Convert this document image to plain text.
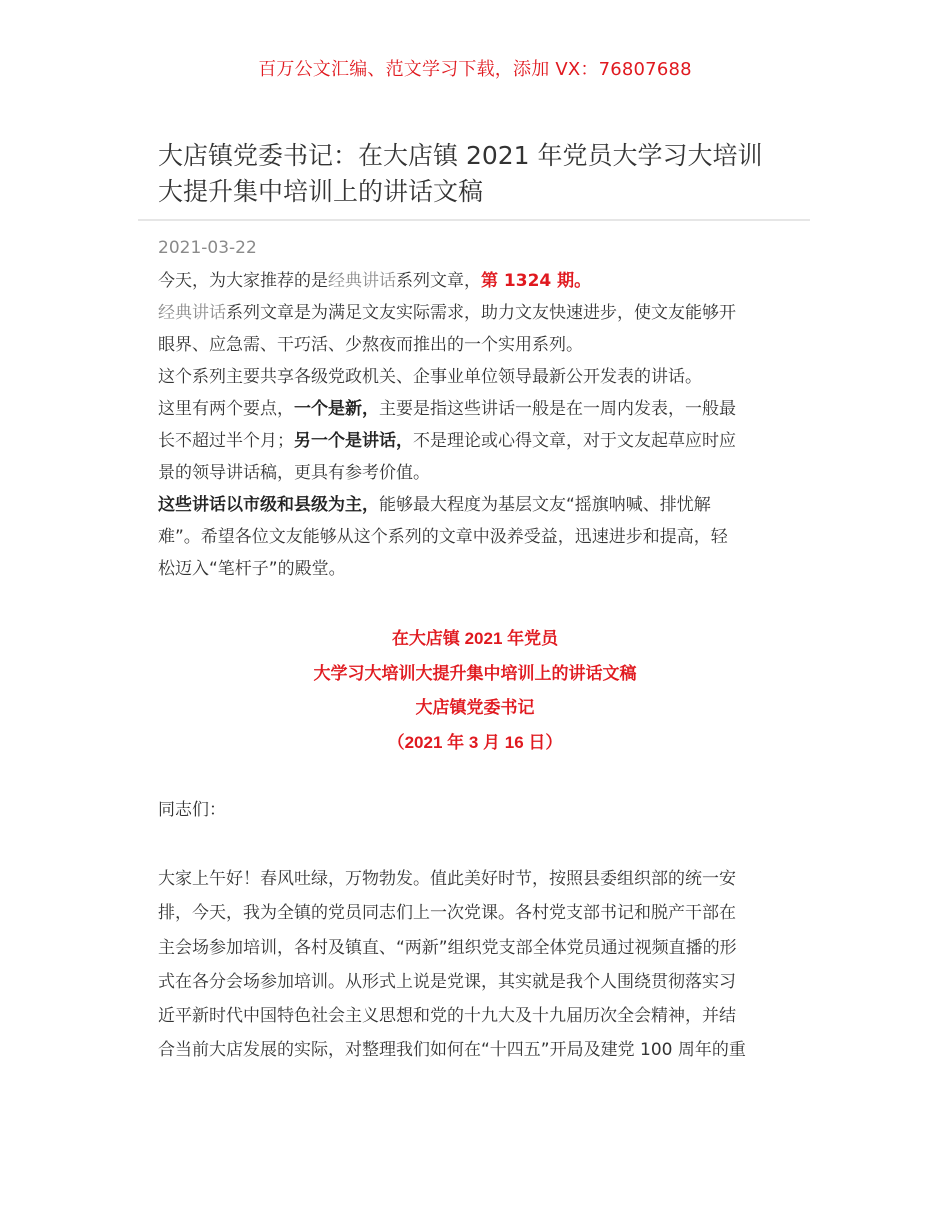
百万公文汇编、范文学习下载，添加 VX：76807688
大店镇党委书记：在大店镇 2021 年党员大学习大培训
大提升集中培训上的讲话文稿
2021-03-22

今天，为大家推荐的是经典讲话系列文章，第 1324 期。

经典讲话系列文章是为满足文友实际需求，助力文友快速进步，使文友能够开
眼界、应急需、干巧活、少熬夜而推出的一个实用系列。

这个系列主要共享各级党政机关、企事业单位领导最新公开发表的讲话。

这里有两个要点，一个是新，主要是指这些讲话一般是在一周内发表，一般最
长不超过半个月；另一个是讲话，不是理论或心得文章，对于文友起草应时应
景的领导讲话稿，更具有参考价值。

这些讲话以市级和县级为主，能够最大程度为基层文友“摇旗呐喊、排忧解
难”。希望各位文友能够从这个系列的文章中汲养受益，迅速进步和提高，轻
松迈入“笔杆子”的殿堂。

在大店镇 2021 年党员
大学习大培训大提升集中培训上的讲话文稿
大店镇党委书记
（2021 年 3 月 16 日）
同志们：
大家上午好！春风吐绿，万物勃发。值此美好时节，按照县委组织部的统一安
排，今天，我为全镇的党员同志们上一次党课。各村党支部书记和脱产干部在
主会场参加培训，各村及镇直、“两新”组织党支部全体党员通过视频直播的形
式在各分会场参加培训。从形式上说是党课，其实就是我个人围绕贯彻落实习
近平新时代中国特色社会主义思想和党的十九大及十九届历次全会精神，并结
合当前大店发展的实际，对整理我们如何在“十四五”开局及建党 100 周年的重
